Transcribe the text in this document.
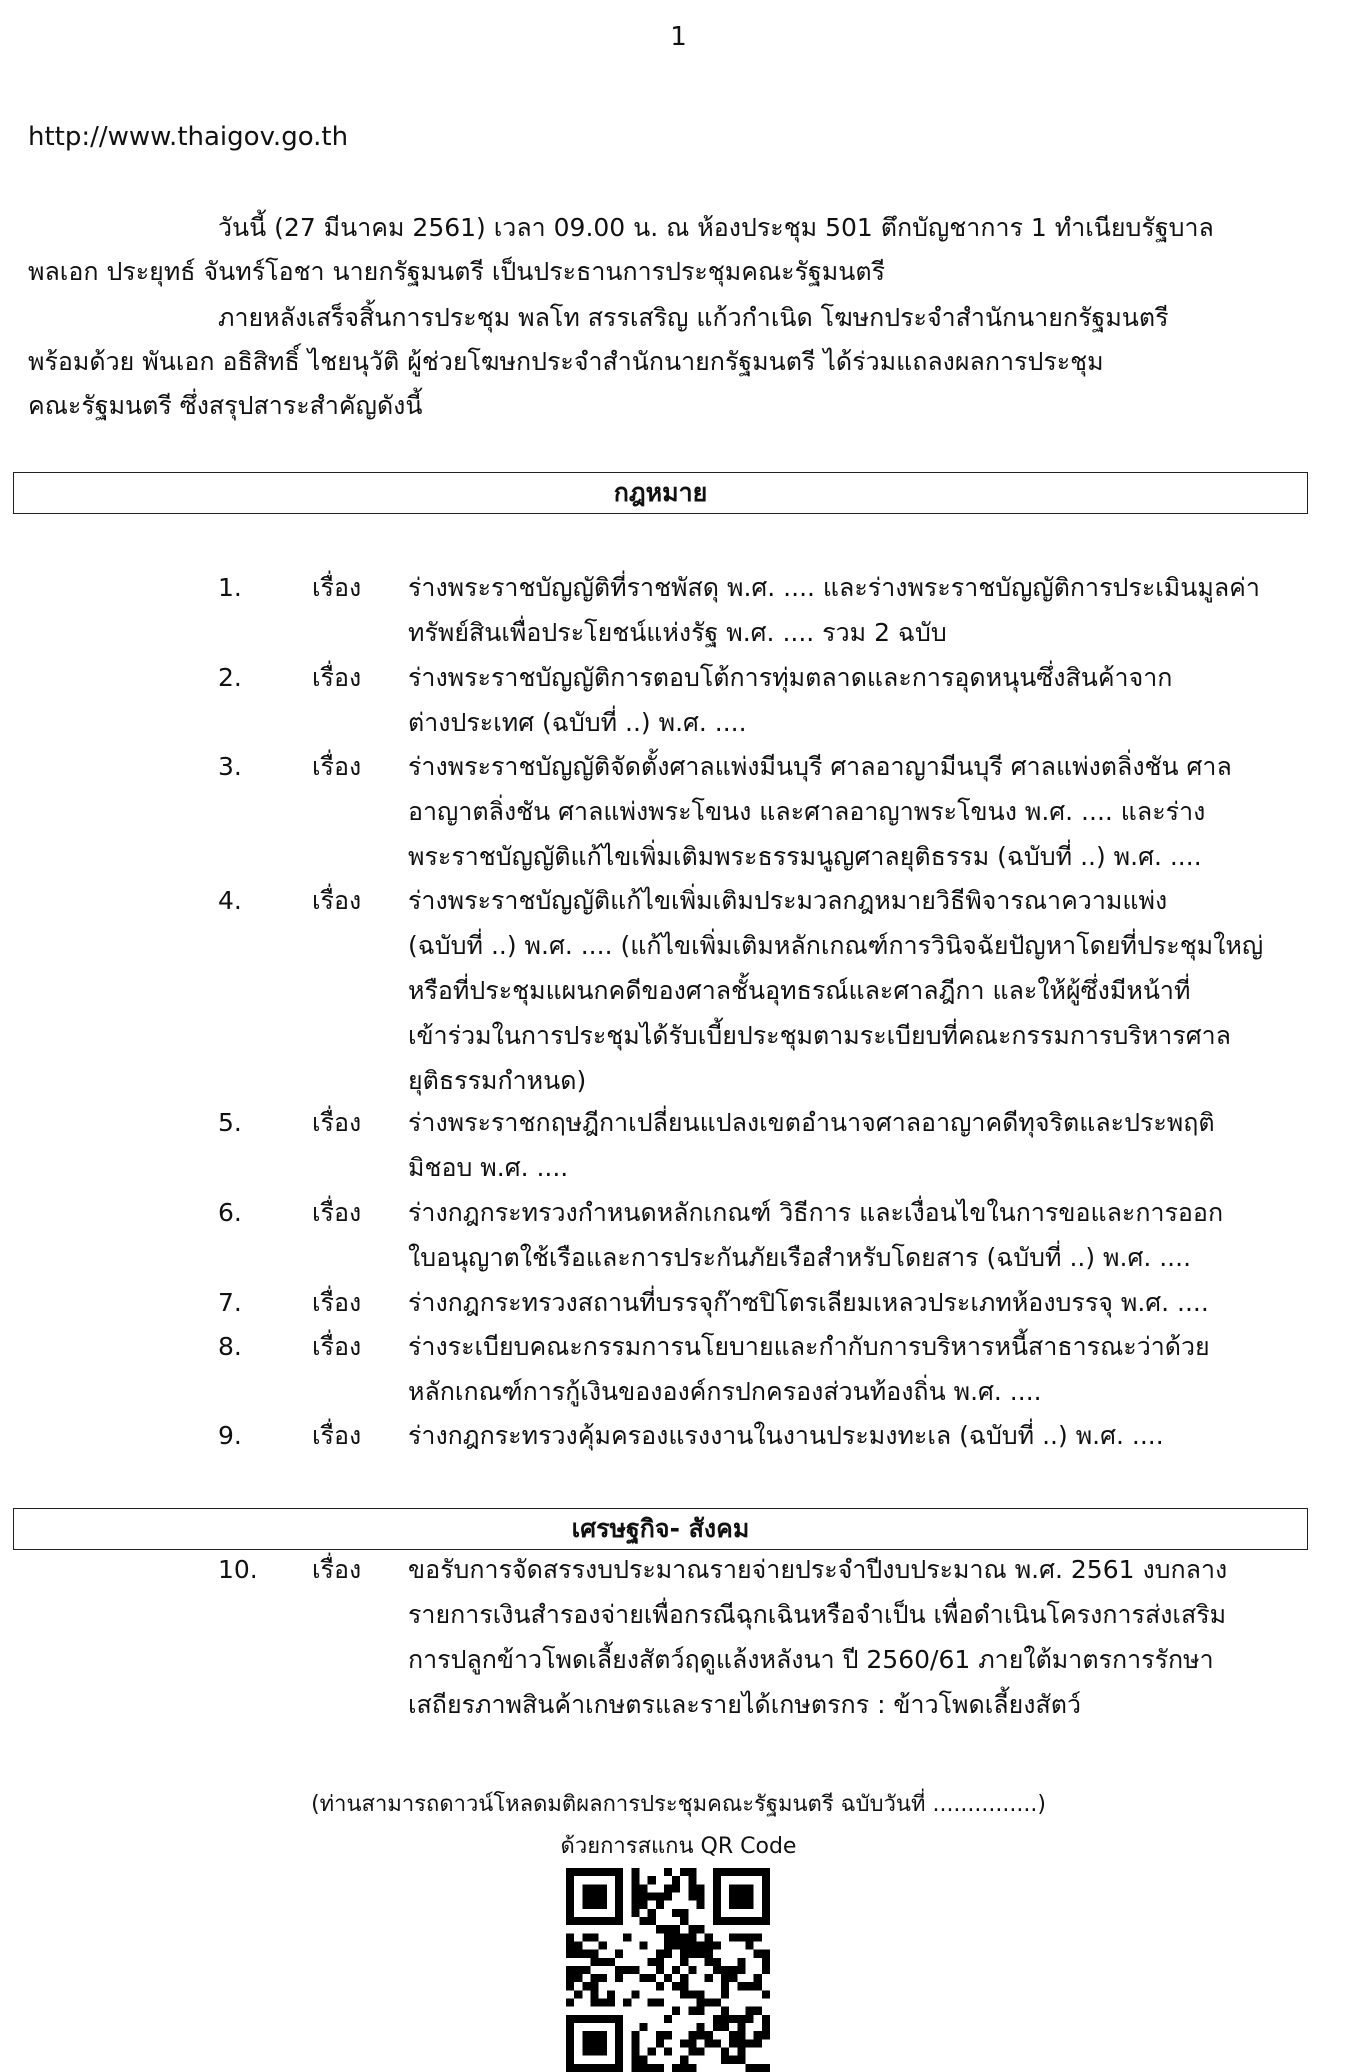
1
http://www.thaigov.go.th
วันนี้ (27 มีนาคม 2561) เวลา 09.00 น. ณ ห้องประชุม 501 ตึกบัญชาการ 1 ทำเนียบรัฐบาล
พลเอก ประยุทธ์ จันทร์โอชา นายกรัฐมนตรี เป็นประธานการประชุมคณะรัฐมนตรี
ภายหลังเสร็จสิ้นการประชุม พลโท สรรเสริญ แก้วกำเนิด โฆษกประจำสำนักนายกรัฐมนตรี
พร้อมด้วย พันเอก อธิสิทธิ์ ไชยนุวัติ ผู้ช่วยโฆษกประจำสำนักนายกรัฐมนตรี ได้ร่วมแถลงผลการประชุม
คณะรัฐมนตรี ซึ่งสรุปสาระสำคัญดังนี้
กฎหมาย
1.	เรื่อง ร่างพระราชบัญญัติที่ราชพัสดุ พ.ศ. .... และร่างพระราชบัญญัติการประเมินมูลค่า
ทรัพย์สินเพื่อประโยชน์แห่งรัฐ พ.ศ. .... รวม 2 ฉบับ
2.	เรื่อง ร่างพระราชบัญญัติการตอบโต้การทุ่มตลาดและการอุดหนุนซึ่งสินค้าจาก
ต่างประเทศ (ฉบับที่ ..) พ.ศ. ....
3.	เรื่อง ร่างพระราชบัญญัติจัดตั้งศาลแพ่งมีนบุรี ศาลอาญามีนบุรี ศาลแพ่งตลิ่งชัน ศาล
อาญาตลิ่งชัน ศาลแพ่งพระโขนง และศาลอาญาพระโขนง พ.ศ. .... และร่าง
พระราชบัญญัติแก้ไขเพิ่มเติมพระธรรมนูญศาลยุติธรรม (ฉบับที่ ..) พ.ศ. ....
4.	เรื่อง ร่างพระราชบัญญัติแก้ไขเพิ่มเติมประมวลกฎหมายวิธีพิจารณาความแพ่ง
(ฉบับที่ ..) พ.ศ. .... (แก้ไขเพิ่มเติมหลักเกณฑ์การวินิจฉัยปัญหาโดยที่ประชุมใหญ่
หรือที่ประชุมแผนกคดีของศาลชั้นอุทธรณ์และศาลฎีกา และให้ผู้ซึ่งมีหน้าที่
เข้าร่วมในการประชุมได้รับเบี้ยประชุมตามระเบียบที่คณะกรรมการบริหารศาล
ยุติธรรมกำหนด)
5.	เรื่อง ร่างพระราชกฤษฎีกาเปลี่ยนแปลงเขตอำนาจศาลอาญาคดีทุจริตและประพฤติ
มิชอบ พ.ศ. ....
6.	เรื่อง ร่างกฎกระทรวงกำหนดหลักเกณฑ์ วิธีการ และเงื่อนไขในการขอและการออก
ใบอนุญาตใช้เรือและการประกันภัยเรือสำหรับโดยสาร (ฉบับที่ ..) พ.ศ. ....
7.	เรื่อง ร่างกฎกระทรวงสถานที่บรรจุก๊าซปิโตรเลียมเหลวประเภทห้องบรรจุ พ.ศ. ....
8.	เรื่อง ร่างระเบียบคณะกรรมการนโยบายและกำกับการบริหารหนี้สาธารณะว่าด้วย
หลักเกณฑ์การกู้เงินขององค์กรปกครองส่วนท้องถิ่น พ.ศ. ....
9.	เรื่อง ร่างกฎกระทรวงคุ้มครองแรงงานในงานประมงทะเล (ฉบับที่ ..) พ.ศ. ....
เศรษฐกิจ- สังคม
10. เรื่อง ขอรับการจัดสรรงบประมาณรายจ่ายประจำปีงบประมาณ พ.ศ. 2561 งบกลาง
รายการเงินสำรองจ่ายเพื่อกรณีฉุกเฉินหรือจำเป็น เพื่อดำเนินโครงการส่งเสริม
การปลูกข้าวโพดเลี้ยงสัตว์ฤดูแล้งหลังนา ปี 2560/61 ภายใต้มาตรการรักษา
เสถียรภาพสินค้าเกษตรและรายได้เกษตรกร : ข้าวโพดเลี้ยงสัตว์
(ท่านสามารถดาวน์โหลดมติผลการประชุมคณะรัฐมนตรี ฉบับวันที่ ...............)
ด้วยการสแกน QR Code
